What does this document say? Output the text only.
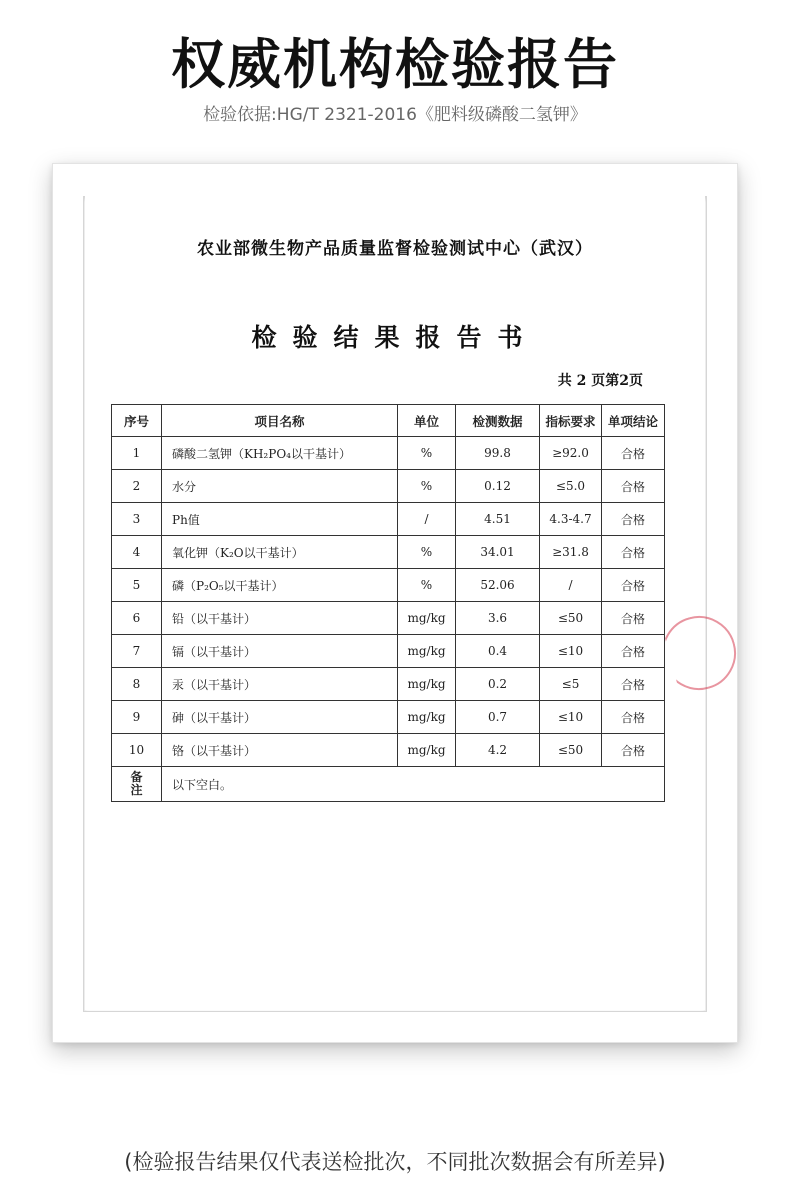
权威机构检验报告
检验依据:HG/T 2321-2016《肥料级磷酸二氢钾》
农业部微生物产品质量监督检验测试中心（武汉）
检验结果报告书
共 2 页第2页
序号	项目名称	单位	检测数据	指标要求	单项结论
1	磷酸二氢钾（KH₂PO₄以干基计）	%	99.8	≥92.0	合格
2	水分	%	0.12	≤5.0	合格
3	Ph值	/	4.51	4.3-4.7	合格
4	氧化钾（K₂O以干基计）	%	34.01	≥31.8	合格
5	磷（P₂O₅以干基计）	%	52.06	/	合格
6	铅（以干基计）	mg/kg	3.6	≤50	合格
7	镉（以干基计）	mg/kg	0.4	≤10	合格
8	汞（以干基计）	mg/kg	0.2	≤5	合格
9	砷（以干基计）	mg/kg	0.7	≤10	合格
10	铬（以干基计）	mg/kg	4.2	≤50	合格
备
注	以下空白。				
(检验报告结果仅代表送检批次，不同批次数据会有所差异)
